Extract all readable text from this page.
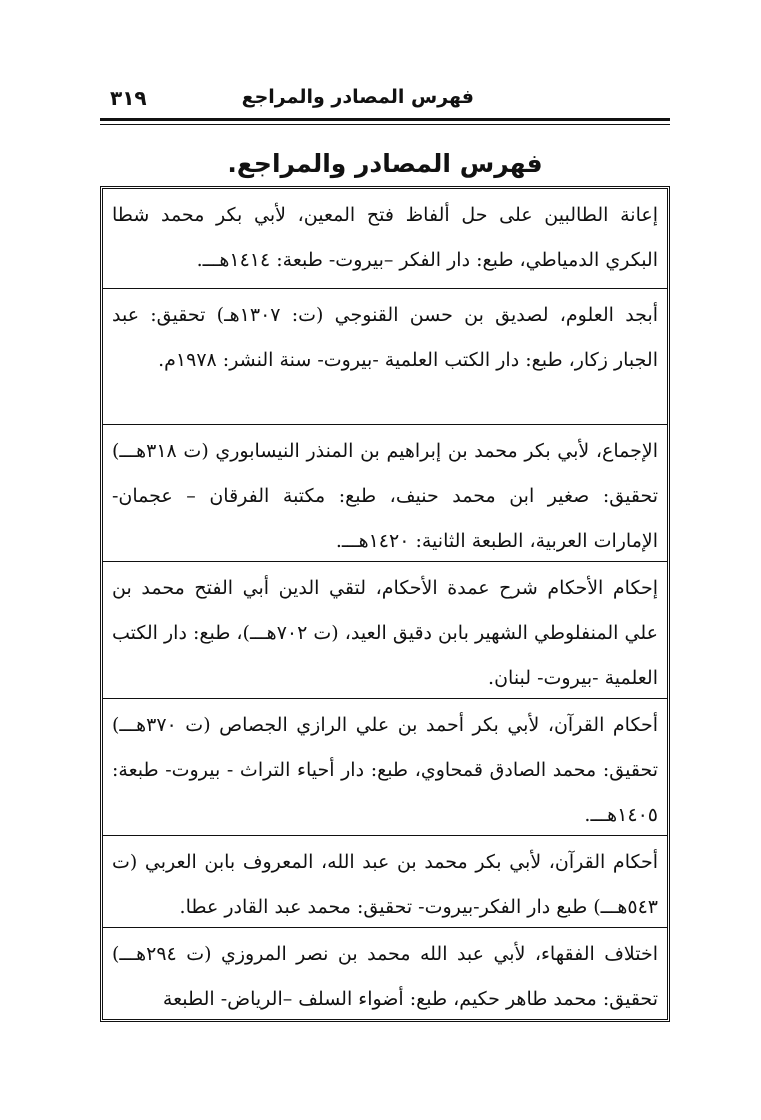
فهرس المصادر والمراجع
٣١٩
فهرس المصادر والمراجع.
إعانة الطالبين على حل ألفاظ فتح المعين، لأبي بكر محمد شطا البكري الدمياطي، طبع: دار الفكر –بيروت- طبعة: ١٤١٤هـــ.
أبجد العلوم، لصديق بن حسن القنوجي (ت: ١٣٠٧هـ) تحقيق: عبد الجبار زكار، طبع: دار الكتب العلمية -بيروت- سنة النشر: ١٩٧٨م.
الإجماع، لأبي بكر محمد بن إبراهيم بن المنذر النيسابوري (ت ٣١٨هـــ) تحقيق: صغير ابن محمد حنيف، طبع: مكتبة الفرقان – عجمان- الإمارات العربية، الطبعة الثانية: ١٤٢٠هـــ.
إحكام الأحكام شرح عمدة الأحكام، لتقي الدين أبي الفتح محمد بن علي المنفلوطي الشهير بابن دقيق العيد، (ت ٧٠٢هـــ)، طبع: دار الكتب العلمية -بيروت- لبنان.
أحكام القرآن، لأبي بكر أحمد بن علي الرازي الجصاص (ت ٣٧٠هـــ) تحقيق: محمد الصادق قمحاوي، طبع: دار أحياء التراث - بيروت- طبعة: ١٤٠٥هـــ.
أحكام القرآن، لأبي بكر محمد بن عبد الله، المعروف بابن العربي (ت ٥٤٣هـــ) طبع دار الفكر-بيروت- تحقيق: محمد عبد القادر عطا.
اختلاف الفقهاء، لأبي عبد الله محمد بن نصر المروزي (ت ٢٩٤هـــ) تحقيق: محمد طاهر حكيم، طبع: أضواء السلف –الرياض- الطبعة
